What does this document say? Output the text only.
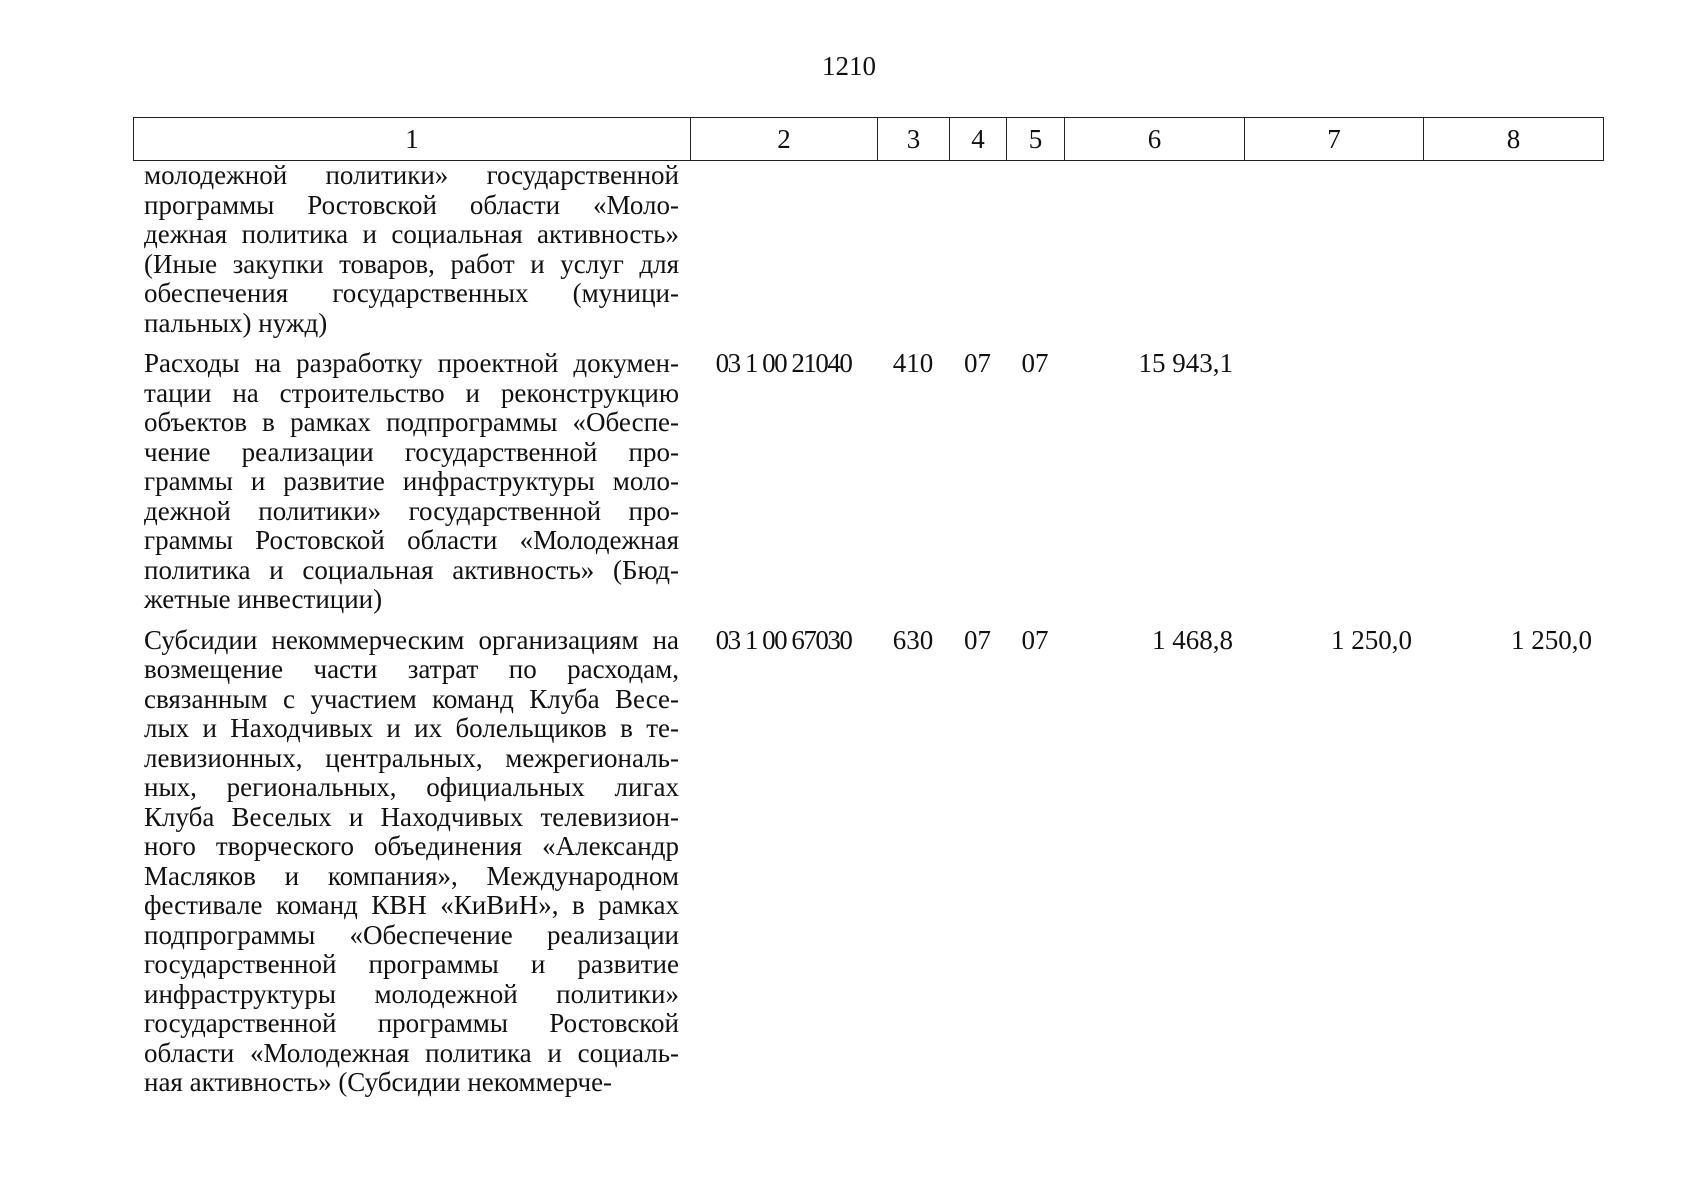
1210
1	2	3	4	5	6	7	8
молодежной политики» государственной программы Ростовской области «Моло- дежная политика и социальная активность» (Иные закупки товаров, работ и услуг для обеспечения государственных (муници- пальных) нужд)							
Расходы на разработку проектной докумен- тации на строительство и реконструкцию объектов в рамках подпрограммы «Обеспе- чение реализации государственной про- граммы и развитие инфраструктуры моло- дежной политики» государственной про- граммы Ростовской области «Молодежная политика и социальная активность» (Бюд- жетные инвестиции)	03 1 00 21040	410	07	07	15 943,1		
Субсидии некоммерческим организациям на возмещение части затрат по расходам, связанным с участием команд Клуба Весе- лых и Находчивых и их болельщиков в те- левизионных, центральных, межрегиональ- ных, региональных, официальных лигах Клуба Веселых и Находчивых телевизион- ного творческого объединения «Александр Масляков и компания», Международном фестивале команд КВН «КиВиН», в рамках подпрограммы «Обеспечение реализации государственной программы и развитие инфраструктуры молодежной политики» государственной программы Ростовской области «Молодежная политика и социаль- ная активность» (Субсидии некоммерче-	03 1 00 67030	630	07	07	1 468,8	1 250,0	1 250,0
